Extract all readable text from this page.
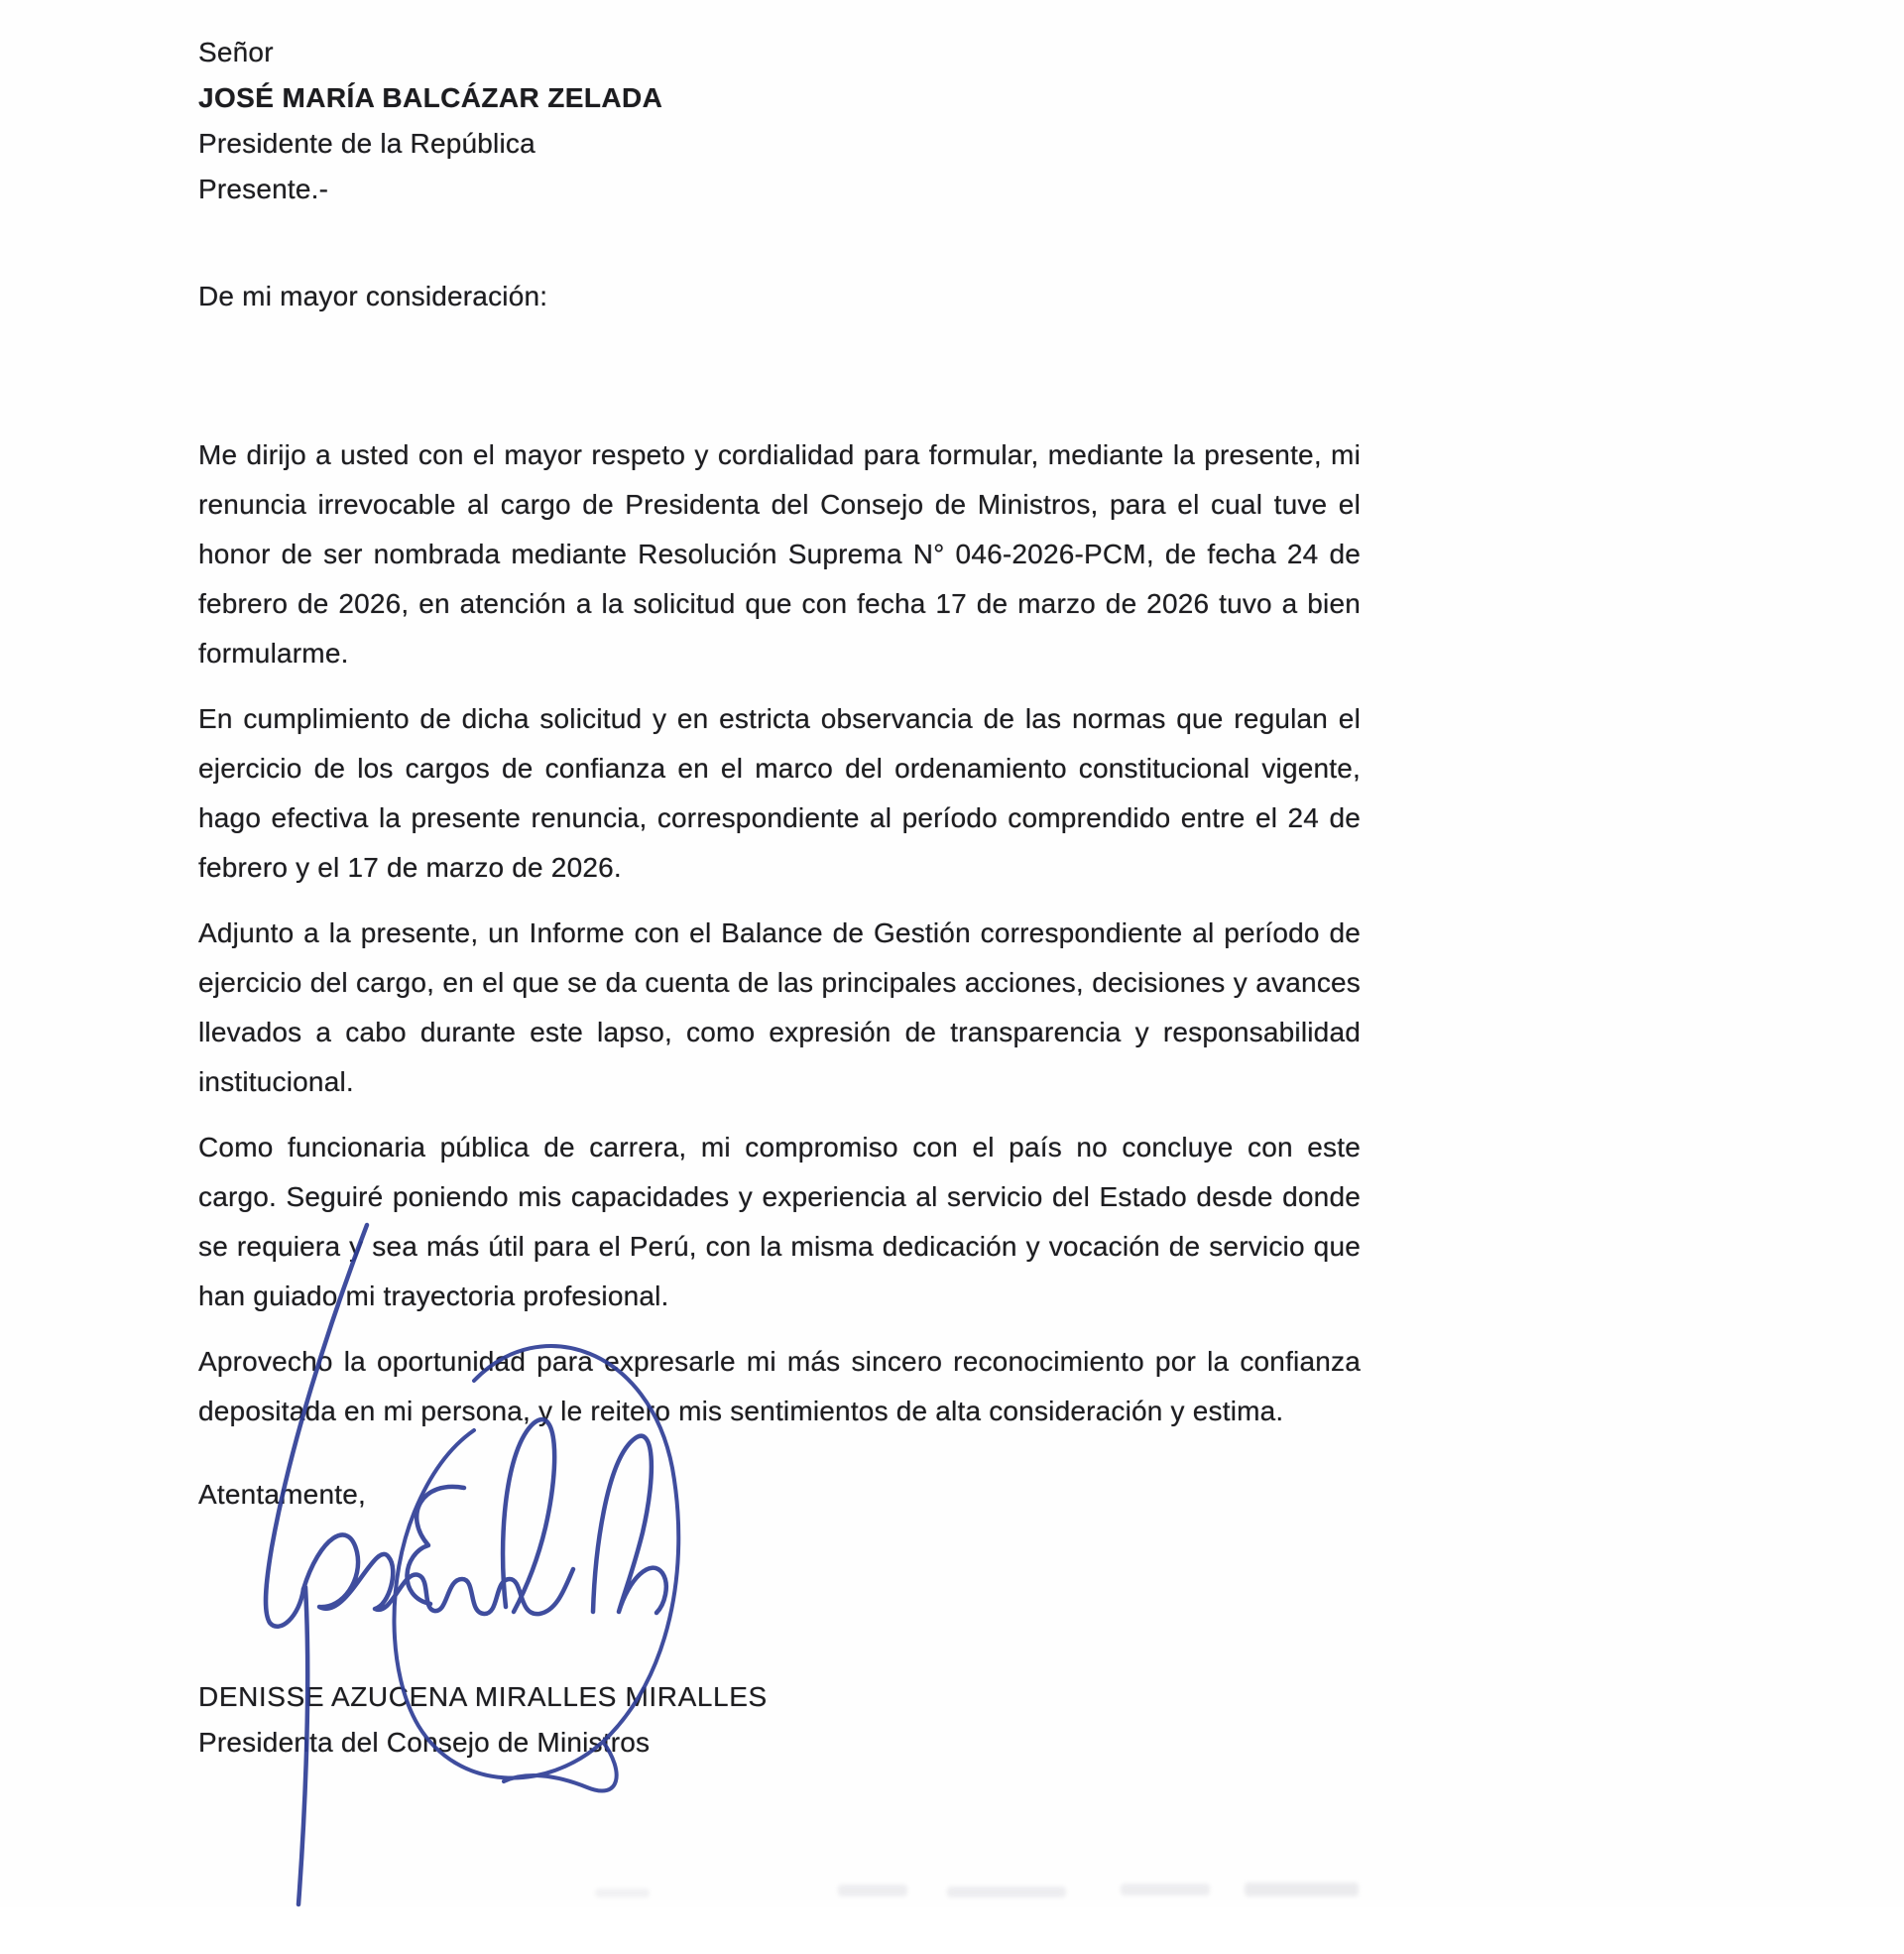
Señor

JOSÉ MARÍA BALCÁZAR ZELADA

Presidente de la República

Presente.-

De mi mayor consideración:

Me dirijo a usted con el mayor respeto y cordialidad para formular, mediante la presente, mi renuncia irrevocable al cargo de Presidenta del Consejo de Ministros, para el cual tuve el honor de ser nombrada mediante Resolución Suprema N° 046-2026-PCM, de fecha 24 de febrero de 2026, en atención a la solicitud que con fecha 17 de marzo de 2026 tuvo a bien formularme.

En cumplimiento de dicha solicitud y en estricta observancia de las normas que regulan el ejercicio de los cargos de confianza en el marco del ordenamiento constitucional vigente, hago efectiva la presente renuncia, correspondiente al período comprendido entre el 24 de febrero y el 17 de marzo de 2026.

Adjunto a la presente, un Informe con el Balance de Gestión correspondiente al período de ejercicio del cargo, en el que se da cuenta de las principales acciones, decisiones y avances llevados a cabo durante este lapso, como expresión de transparencia y responsabilidad institucional.

Como funcionaria pública de carrera, mi compromiso con el país no concluye con este cargo. Seguiré poniendo mis capacidades y experiencia al servicio del Estado desde donde se requiera y sea más útil para el Perú, con la misma dedicación y vocación de servicio que han guiado mi trayectoria profesional.

Aprovecho la oportunidad para expresarle mi más sincero reconocimiento por la confianza depositada en mi persona, y le reitero mis sentimientos de alta consideración y estima.

Atentamente,

DENISSE AZUCENA MIRALLES MIRALLES

Presidenta del Consejo de Ministros
